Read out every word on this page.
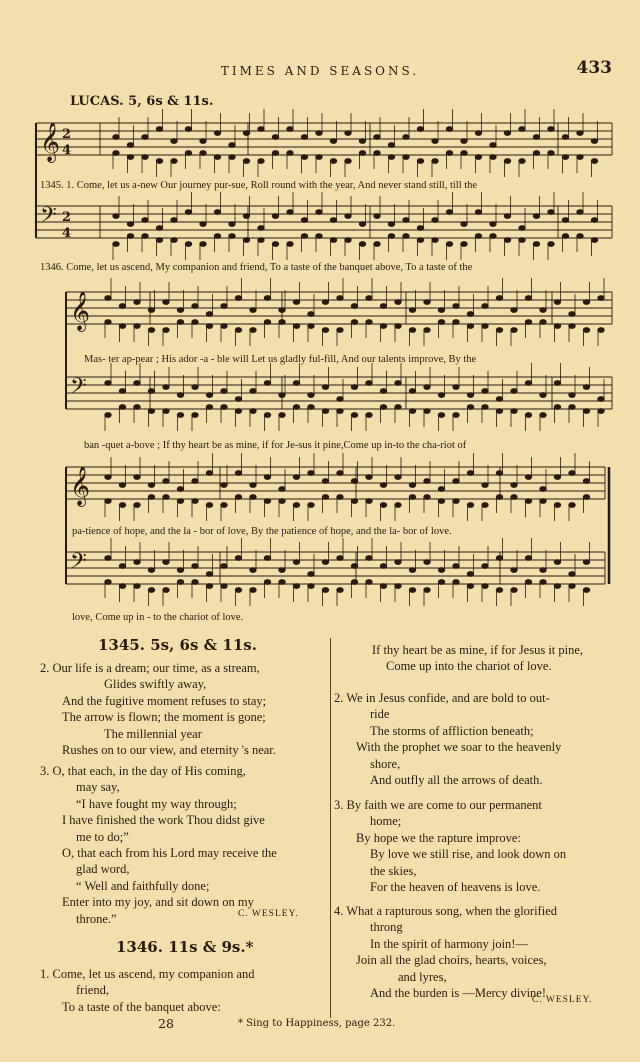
TIMES AND SEASONS.	433
LUCAS. 5, 6s & 11s.
𝄞
𝄢
𝄞
𝄢
𝄞
𝄢
2
4
2
4
1345. 1. Come, let us a-new Our journey pur-sue, Roll round with the year, And never stand still, till the
1346. Come, let us ascend, My companion and friend, To a taste of the banquet above, To a taste of the
Mas- ter ap-pear ; His ador -a - ble will Let us gladly ful-fill, And our talents improve, By the
ban -quet a-bove ; If thy heart be as mine, if for Je-sus it pine,Come up in-to the cha-riot of
pa-tience of hope, and the la - bor of love, By the patience of hope, and the la- bor of love.
love, Come up in - to the chariot of love.
1345. 5s, 6s & 11s.
2. Our life is a dream; our time, as a stream,
Glides swiftly away,
And the fugitive moment refuses to stay;
The arrow is flown; the moment is gone;
The millennial year
Rushes on to our view, and eternity 's near.
3. O, that each, in the day of His coming,
may say,
“I have fought my way through;
I have finished the work Thou didst give
me to do;”
O, that each from his Lord may receive the
glad word,
“ Well and faithfully done;
Enter into my joy, and sit down on my
throne.”	C. WESLEY.
1346. 11s & 9s.*
1. Come, let us ascend, my companion and
friend,
To a taste of the banquet above:
If thy heart be as mine, if for Jesus it pine,
Come up into the chariot of love.
2. We in Jesus confide, and are bold to out-
ride
The storms of affliction beneath;
With the prophet we soar to the heavenly
shore,
And outfly all the arrows of death.
3. By faith we are come to our permanent
home;
By hope we the rapture improve:
By love we still rise, and look down on
the skies,
For the heaven of heavens is love.
4. What a rapturous song, when the glorified
throng
In the spirit of harmony join!—
Join all the glad choirs, hearts, voices,
and lyres,
And the burden is —Mercy divine!
C. WESLEY.
28	* Sing to Happiness, page 232.
